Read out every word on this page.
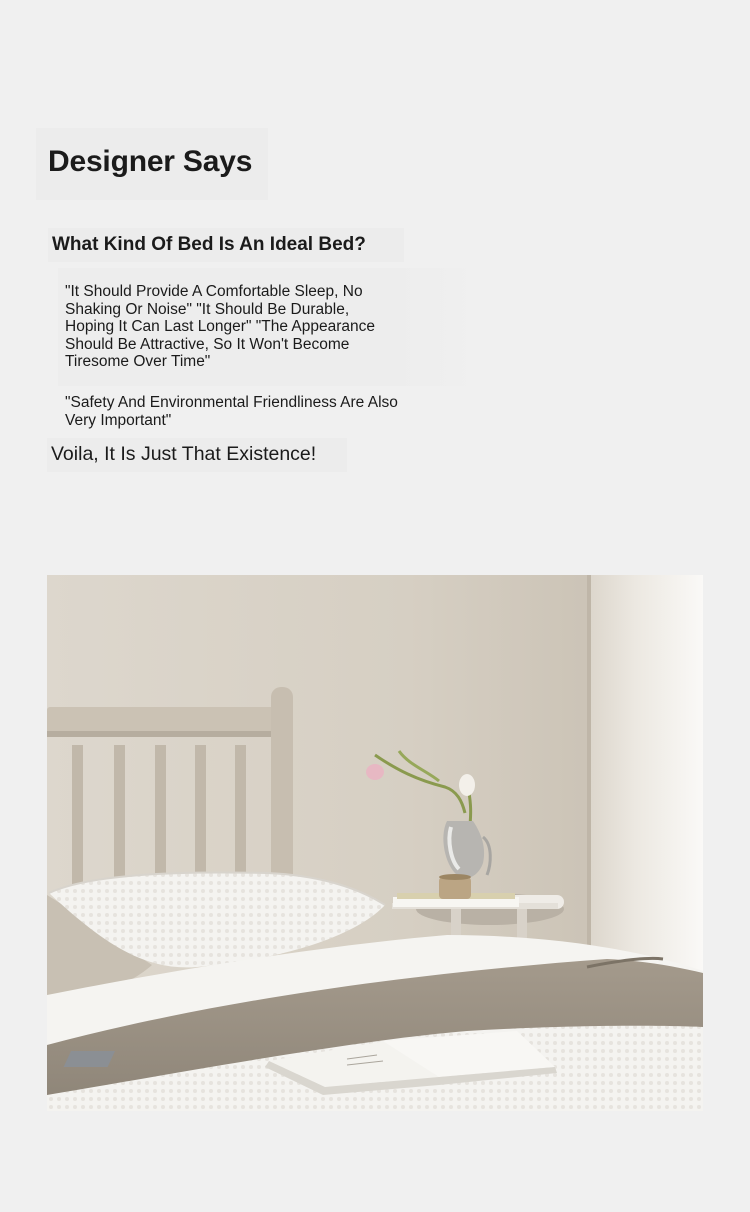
Designer Says
What Kind Of Bed Is An Ideal Bed?

"It Should Provide A Comfortable Sleep, No Shaking Or Noise" "It Should Be Durable, Hoping It Can Last Longer" "The Appearance Should Be Attractive, So It Won't Become Tiresome Over Time"

"Safety And Environmental Friendliness Are Also Very Important"

Voila, It Is Just That Existence!
